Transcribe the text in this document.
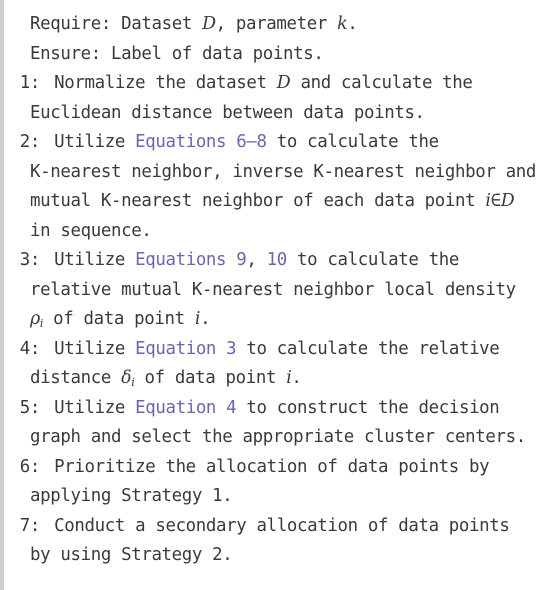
Require: Dataset D, parameter k.
Ensure: Label of data points.
1: Normalize the dataset D and calculate the
Euclidean distance between data points.
2: Utilize Equations 6–8 to calculate the
K-nearest neighbor, inverse K-nearest neighbor and
mutual K-nearest neighbor of each data point i∈D
in sequence.
3: Utilize Equations 9, 10 to calculate the
relative mutual K-nearest neighbor local density
$\rho_i$ of data point i.
4: Utilize Equation 3 to calculate the relative
distance $\delta_i$ of data point i.
5: Utilize Equation 4 to construct the decision
graph and select the appropriate cluster centers.
6: Prioritize the allocation of data points by
applying Strategy 1.
7: Conduct a secondary allocation of data points
by using Strategy 2.
